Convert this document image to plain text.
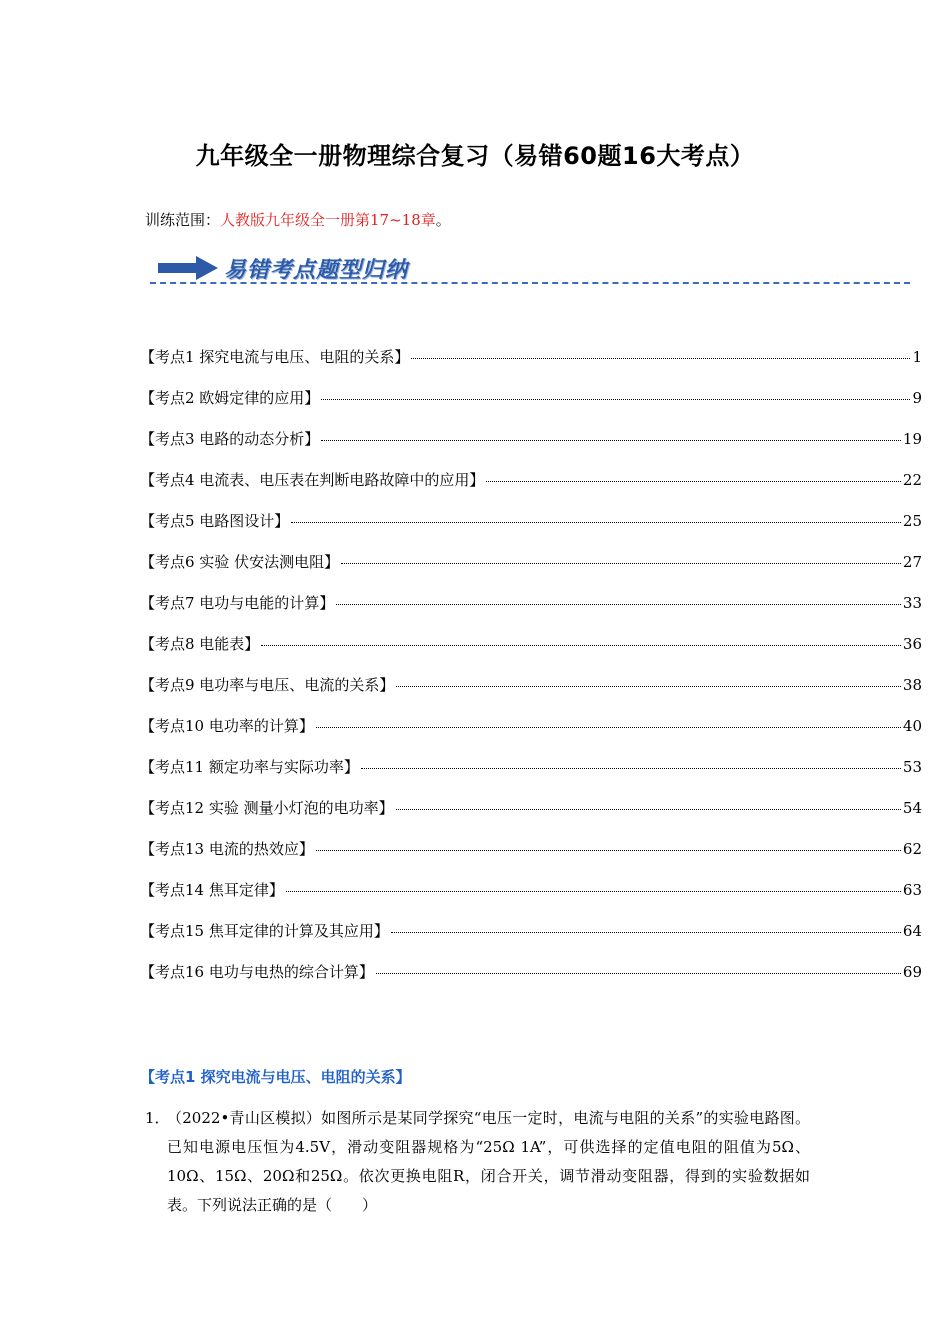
九年级全一册物理综合复习（易错60题16大考点）
训练范围：人教版九年级全一册第17~18章。
易错考点题型归纳
【考点1 探究电流与电压、电阻的关系】	1
【考点2 欧姆定律的应用】	9
【考点3 电路的动态分析】	19
【考点4 电流表、电压表在判断电路故障中的应用】	22
【考点5 电路图设计】	25
【考点6 实验 伏安法测电阻】	27
【考点7 电功与电能的计算】	33
【考点8 电能表】	36
【考点9 电功率与电压、电流的关系】	38
【考点10 电功率的计算】	40
【考点11 额定功率与实际功率】	53
【考点12 实验 测量小灯泡的电功率】	54
【考点13 电流的热效应】	62
【考点14 焦耳定律】	63
【考点15 焦耳定律的计算及其应用】	64
【考点16 电功与电热的综合计算】	69
【考点1 探究电流与电压、电阻的关系】
1．
（2022•青山区模拟）如图所示是某同学探究“电压一定时，电流与电阻的关系”的实验电路图。已知电源电压恒为4.5V，滑动变阻器规格为“25Ω 1A”，可供选择的定值电阻的阻值为5Ω、10Ω、15Ω、20Ω和25Ω。依次更换电阻R，闭合开关，调节滑动变阻器，得到的实验数据如表。下列说法正确的是（　　）
